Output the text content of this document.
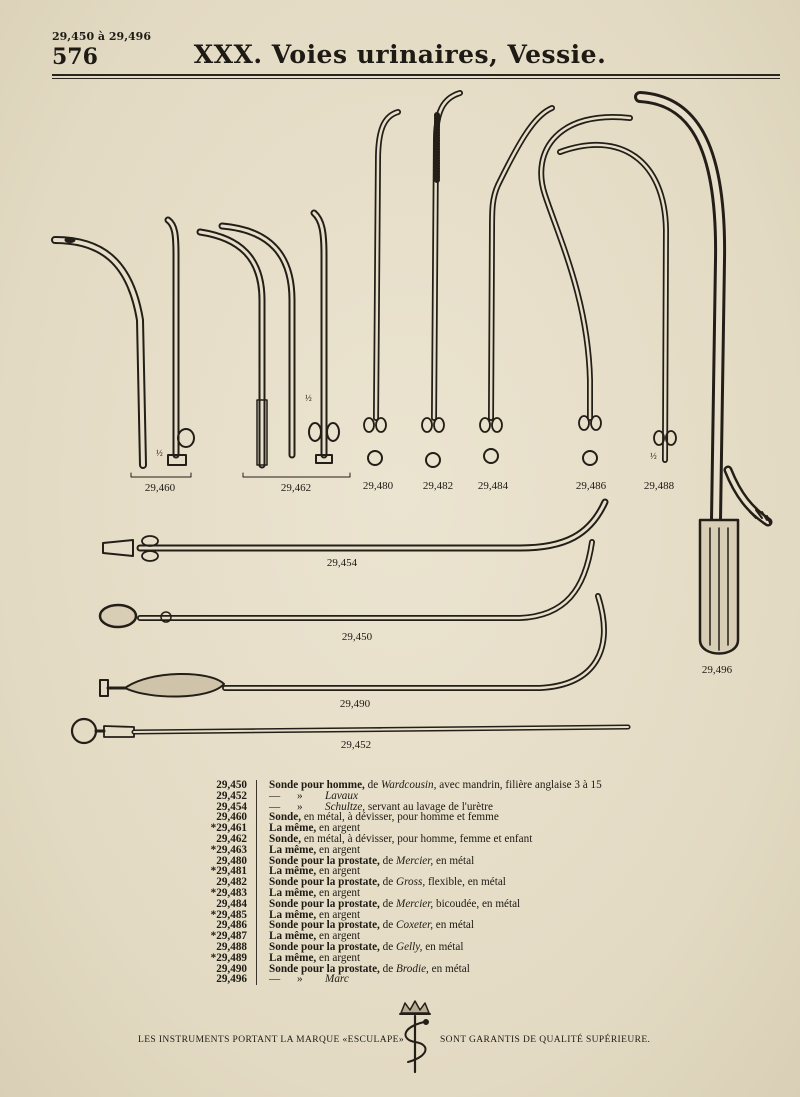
29,450 à 29,496
576	XXX. Voies urinaires, Vessie.
29,460	29,462	29,480	29,482	29,484	29,486	29,488
29,496
29,454
29,450
29,490
29,452
½
½
½
29,450	Sonde pour homme, de Wardcousin, avec mandrin, filière anglaise 3 à 15
29,452	— » Lavaux
29,454	— » Schultze, servant au lavage de l'urètre
29,460	Sonde, en métal, à dévisser, pour homme et femme
*29,461	La même, en argent
29,462	Sonde, en métal, à dévisser, pour homme, femme et enfant
*29,463	La même, en argent
29,480	Sonde pour la prostate, de Mercier, en métal
*29,481	La même, en argent
29,482	Sonde pour la prostate, de Gross, flexible, en métal
*29,483	La même, en argent
29,484	Sonde pour la prostate, de Mercier, bicoudée, en métal
*29,485	La même, en argent
29,486	Sonde pour la prostate, de Coxeter, en métal
*29,487	La même, en argent
29,488	Sonde pour la prostate, de Gelly, en métal
*29,489	La même, en argent
29,490	Sonde pour la prostate, de Brodie, en métal
29,496	— » Marc
LES INSTRUMENTS PORTANT LA MARQUE «ESCULAPE»	SONT GARANTIS DE QUALITÉ SUPÉRIEURE.
